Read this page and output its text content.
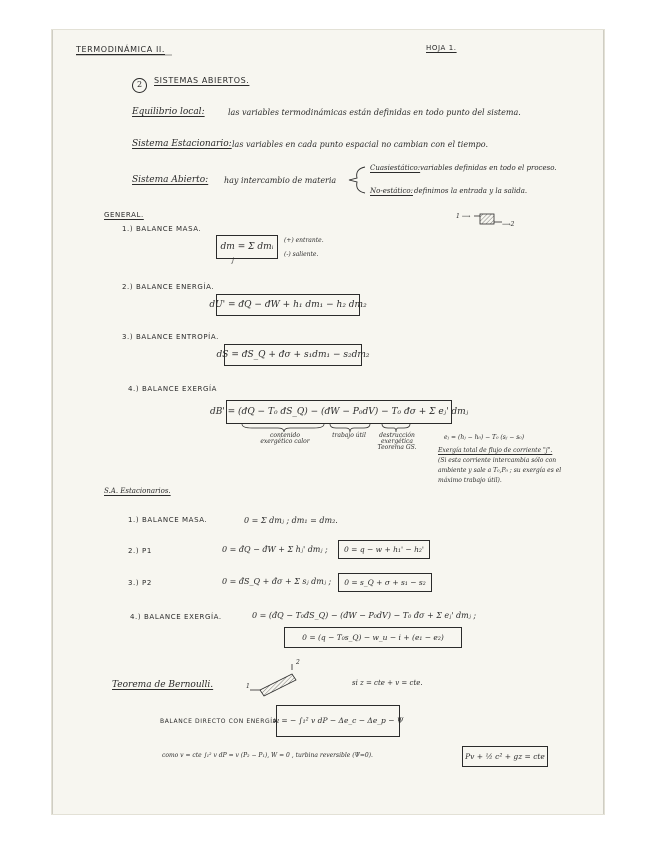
TERMODINÁMICA II.	HOJA 1.
2	SISTEMAS ABIERTOS.
Equilibrio local:	las variables termodinámicas están definidas en todo punto del sistema.
Sistema Estacionario: las variables en cada punto espacial no cambian con el tiempo.
Sistema Abierto: hay intercambio de materia
Cuasiestático: variables definidas en todo el proceso.
No-estático: definimos la entrada y la salida.
1 ⟶
⟶2
GENERAL.
1.) BALANCE MASA.
dm = Σ dmᵢ
j
(+) entrante.
(-) saliente.
2.) BALANCE ENERGÍA.
dU' = đQ − đW + h₁ dm₁ − h₂ dm₂
3.) BALANCE ENTROPÍA.
dS = đS_Q + đσ + s₁dm₁ − s₂dm₂
4.) BALANCE EXERGÍA
dB' = (đQ − T₀ đS_Q) − (đW − P₀dV) − T₀ đσ + Σ eⱼ' dmⱼ
contenido exergético calor
trabajo útil	destrucción exergética Teorema GS.
eⱼ = (hⱼ − h₀) − T₀ (sⱼ − s₀)
Exergía total de flujo de corriente "j".
(Si esta corriente intercambia sólo con
ambiente y sale a T₀,P₀ ; su exergía es el
máximo trabajo útil).
S.A. Estacionarios.
1.) BALANCE MASA.	0 = Σ dmⱼ ; dm₁ = dm₂.
2.) P1	0 = đQ − đW + Σ hⱼ' dmⱼ ; 0 = q − w + h₁' − h₂'
3.) P2	0 = đS_Q + đσ + Σ sⱼ dmⱼ ; 0 = s_Q + σ + s₁ − s₂
4.) BALANCE EXERGÍA.	0 = (đQ − T₀đS_Q) − (đW − P₀dV) − T₀ đσ + Σ eⱼ' dmⱼ ;
0 = (q − T₀s_Q) − w_u − i + (e₁ − e₂)
Teorema de Bernoulli.	1
2
si z = cte + v = cte.
BALANCE DIRECTO CON ENERGÍA:
w = − ∫₁² v dP − Δe_c − Δe_p − Ψ
como v = cte ∫₁² v dP = v (P₂ − P₁), W = 0 , turbina reversible (Ψ=0).	Pv + ½ c² + gz = cte
